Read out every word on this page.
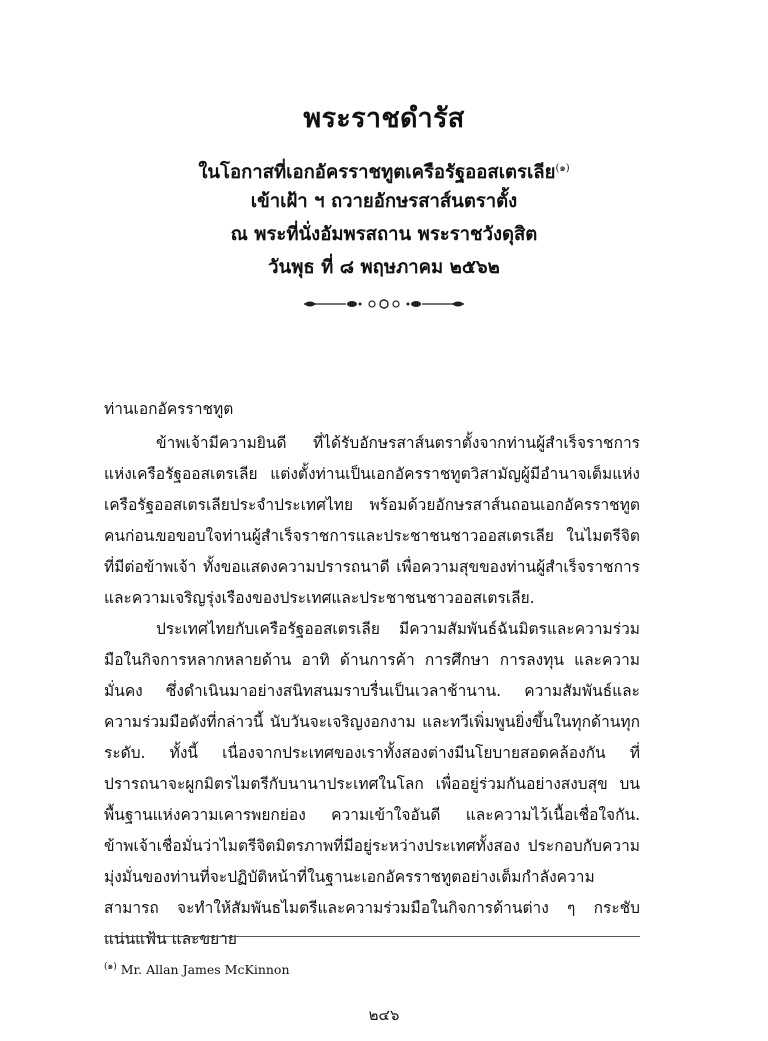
พระราชดำรัส
ในโอกาสที่เอกอัครราชทูตเครือรัฐออสเตรเลีย$^{(๑)}$
เข้าเฝ้า ฯ ถวายอักษรสาส์นตราตั้ง
ณ พระที่นั่งอัมพรสถาน พระราชวังดุสิต
วันพุธ ที่ ๘ พฤษภาคม ๒๕๖๒
ท่านเอกอัครราชทูต

ข้าพเจ้ามีความยินดี ที่ได้รับอักษรสาส์นตราตั้งจากท่านผู้สำเร็จราชการแห่งเครือรัฐออสเตรเลีย แต่งตั้งท่านเป็นเอกอัครราชทูตวิสามัญผู้มีอำนาจเต็มแห่งเครือรัฐออสเตรเลียประจำประเทศไทย พร้อมด้วยอักษรสาส์นถอนเอกอัครราชทูตคนก่อน.

ขอขอบใจท่านผู้สำเร็จราชการและประชาชนชาวออสเตรเลีย ในไมตรีจิตที่มีต่อข้าพเจ้า ทั้งขอแสดงความปรารถนาดี เพื่อความสุขของท่านผู้สำเร็จราชการและความเจริญรุ่งเรืองของประเทศและประชาชนชาวออสเตรเลีย.

ประเทศไทยกับเครือรัฐออสเตรเลีย มีความสัมพันธ์ฉันมิตรและความร่วมมือในกิจการหลากหลายด้าน อาทิ ด้านการค้า การศึกษา การลงทุน และความมั่นคง ซึ่งดำเนินมาอย่างสนิทสนมราบรื่นเป็นเวลาช้านาน. ความสัมพันธ์และความร่วมมือดังที่กล่าวนี้ นับวันจะเจริญงอกงาม และทวีเพิ่มพูนยิ่งขึ้นในทุกด้านทุกระดับ. ทั้งนี้ เนื่องจากประเทศของเราทั้งสองต่างมีนโยบายสอดคล้องกัน ที่ปรารถนาจะผูกมิตรไมตรีกับนานาประเทศในโลก เพื่ออยู่ร่วมกันอย่างสงบสุข บนพื้นฐานแห่งความเคารพยกย่อง ความเข้าใจอันดี และความไว้เนื้อเชื่อใจกัน. ข้าพเจ้าเชื่อมั่นว่าไมตรีจิตมิตรภาพที่มีอยู่ระหว่างประเทศทั้งสอง ประกอบกับความมุ่งมั่นของท่านที่จะปฏิบัติหน้าที่ในฐานะเอกอัครราชทูตอย่างเต็มกำลังความสามารถ จะทำให้สัมพันธไมตรีและความร่วมมือในกิจการด้านต่าง ๆ กระชับแน่นแฟ้น และขยาย

$^{(๑)}$ Mr. Allan James McKinnon
๒๔๖
